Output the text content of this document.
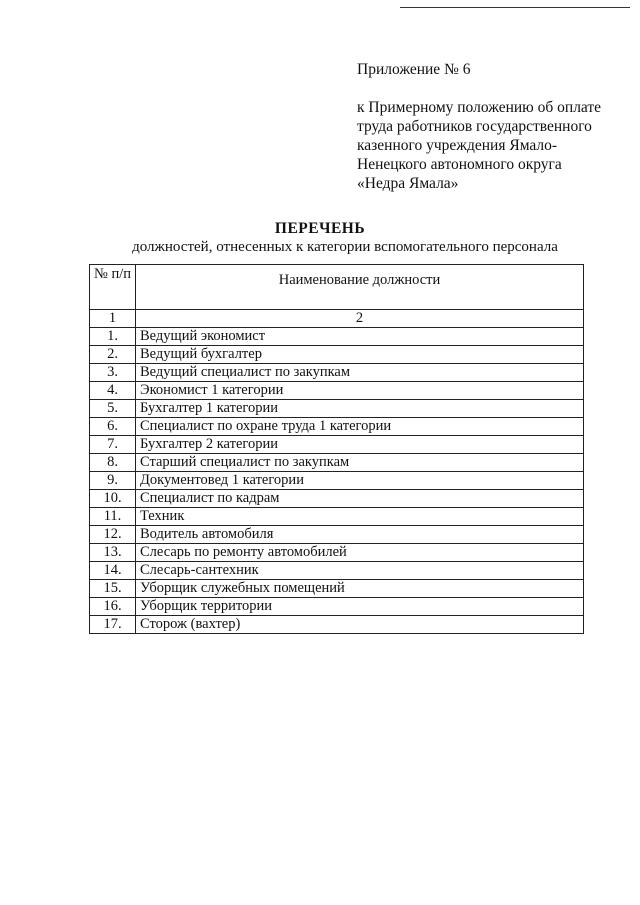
Приложение № 6
к Примерному положению об оплате
труда работников государственного
казенного учреждения Ямало-
Ненецкого автономного округа
«Недра Ямала»
ПЕРЕЧЕНЬ
должностей, отнесенных к категории вспомогательного персонала
№ п/п	Наименование должности
1	2
1.	Ведущий экономист
2.	Ведущий бухгалтер
3.	Ведущий специалист по закупкам
4.	Экономист 1 категории
5.	Бухгалтер 1 категории
6.	Специалист по охране труда 1 категории
7.	Бухгалтер 2 категории
8.	Старший специалист по закупкам
9.	Документовед 1 категории
10.	Специалист по кадрам
11.	Техник
12.	Водитель автомобиля
13.	Слесарь по ремонту автомобилей
14.	Слесарь-сантехник
15.	Уборщик служебных помещений
16.	Уборщик территории
17.	Сторож (вахтер)
